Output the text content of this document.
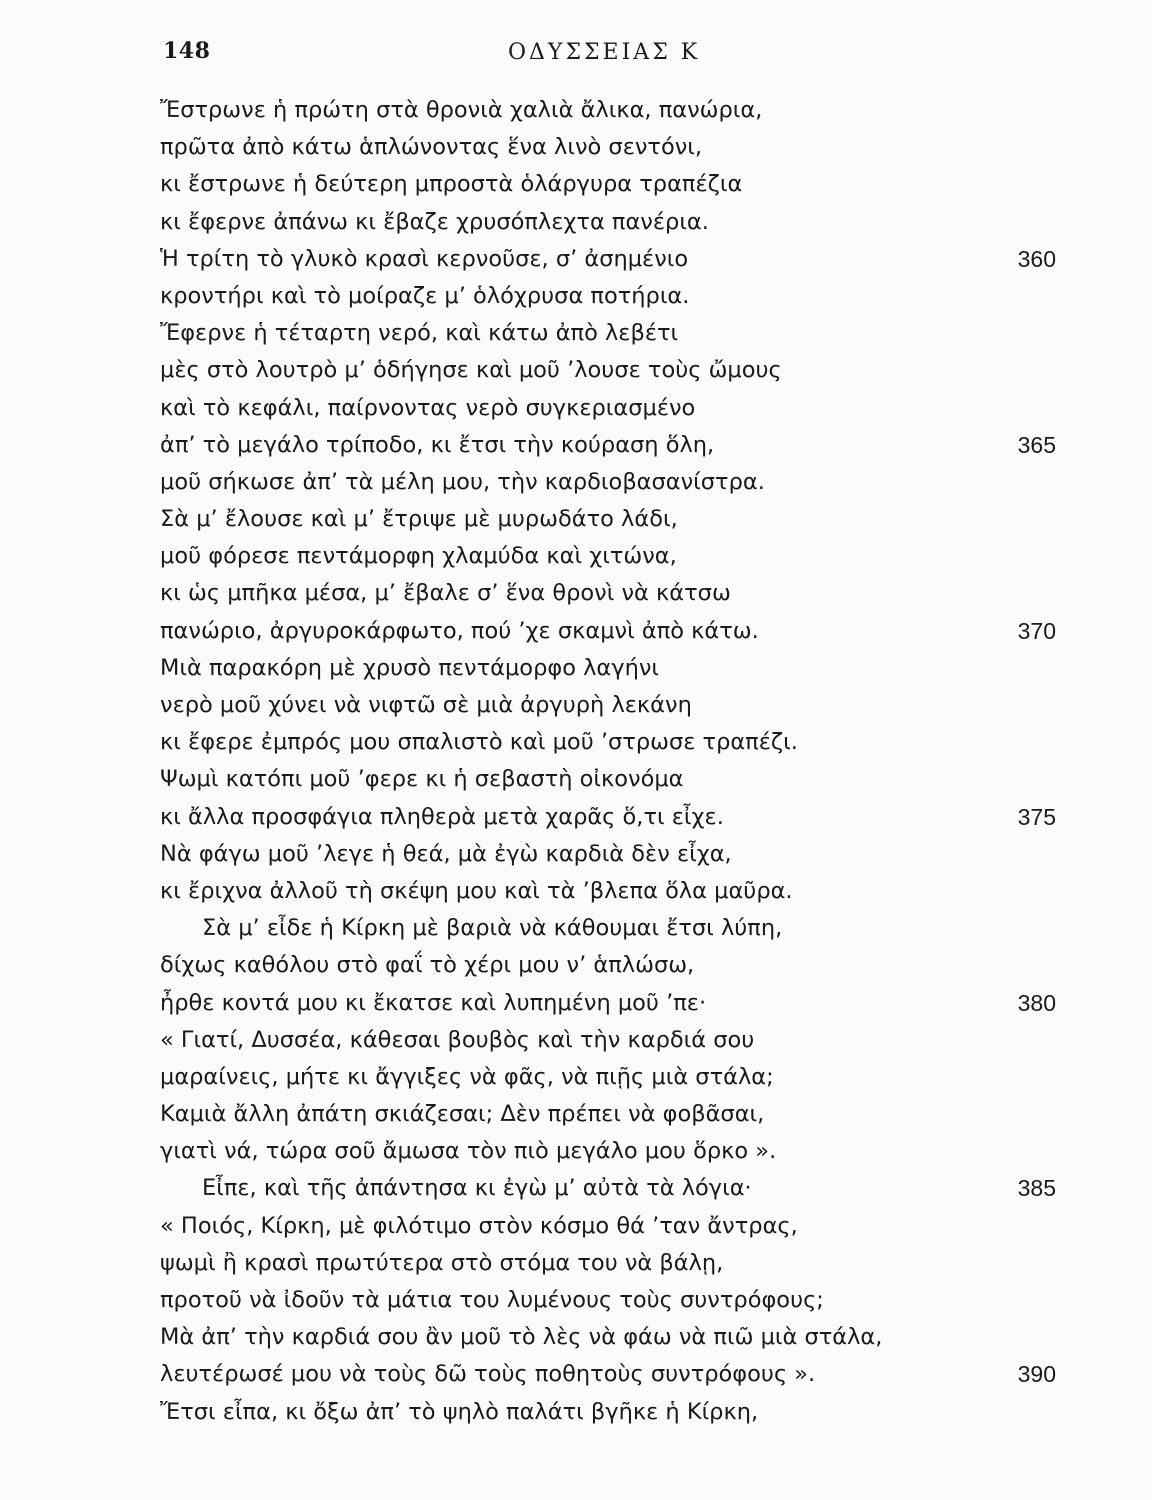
148	ΟΔΥΣΣΕΙΑΣ Κ
Ἔστρωνε ἡ πρώτη στὰ θρονιὰ χαλιὰ ἄλικα, πανώρια,
πρῶτα ἀπὸ κάτω ἁπλώνοντας ἕνα λινὸ σεντόνι,
κι ἔστρωνε ἡ δεύτερη μπροστὰ ὁλάργυρα τραπέζια
κι ἔφερνε ἀπάνω κι ἔβαζε χρυσόπλεχτα πανέρια.
Ἡ τρίτη τὸ γλυκὸ κρασὶ κερνοῦσε, σ’ ἀσημένιο	360
κροντήρι καὶ τὸ μοίραζε μ’ ὁλόχρυσα ποτήρια.
Ἔφερνε ἡ τέταρτη νερό, καὶ κάτω ἀπὸ λεβέτι
μὲς στὸ λουτρὸ μ’ ὁδήγησε καὶ μοῦ ’λουσε τοὺς ὤμους
καὶ τὸ κεφάλι, παίρνοντας νερὸ συγκεριασμένο
ἀπ’ τὸ μεγάλο τρίποδο, κι ἔτσι τὴν κούραση ὅλη,	365
μοῦ σήκωσε ἀπ’ τὰ μέλη μου, τὴν καρδιοβασανίστρα.
Σὰ μ’ ἔλουσε καὶ μ’ ἔτριψε μὲ μυρωδάτο λάδι,
μοῦ φόρεσε πεντάμορφη χλαμύδα καὶ χιτώνα,
κι ὡς μπῆκα μέσα, μ’ ἔβαλε σ’ ἕνα θρονὶ νὰ κάτσω
πανώριο, ἀργυροκάρφωτο, πού ’χε σκαμνὶ ἀπὸ κάτω.	370
Μιὰ παρακόρη μὲ χρυσὸ πεντάμορφο λαγήνι
νερὸ μοῦ χύνει νὰ νιφτῶ σὲ μιὰ ἀργυρὴ λεκάνη
κι ἔφερε ἐμπρός μου σπαλιστὸ καὶ μοῦ ’στρωσε τραπέζι.
Ψωμὶ κατόπι μοῦ ’φερε κι ἡ σεβαστὴ οἰκονόμα
κι ἄλλα προσφάγια πληθερὰ μετὰ χαρᾶς ὅ,τι εἶχε.	375
Νὰ φάγω μοῦ ’λεγε ἡ θεά, μὰ ἐγὼ καρδιὰ δὲν εἶχα,
κι ἔριχνα ἀλλοῦ τὴ σκέψη μου καὶ τὰ ’βλεπα ὅλα μαῦρα.
Σὰ μ’ εἶδε ἡ Κίρκη μὲ βαριὰ νὰ κάθουμαι ἔτσι λύπη,
δίχως καθόλου στὸ φαΐ τὸ χέρι μου ν’ ἁπλώσω,
ἦρθε κοντά μου κι ἔκατσε καὶ λυπημένη μοῦ ’πε·	380
« Γιατί, Δυσσέα, κάθεσαι βουβὸς καὶ τὴν καρδιά σου
μαραίνεις, μήτε κι ἄγγιξες νὰ φᾶς, νὰ πιῇς μιὰ στάλα;
Καμιὰ ἄλλη ἀπάτη σκιάζεσαι; Δὲν πρέπει νὰ φοβᾶσαι,
γιατὶ νά, τώρα σοῦ ἄμωσα τὸν πιὸ μεγάλο μου ὅρκο ».
Εἶπε, καὶ τῆς ἀπάντησα κι ἐγὼ μ’ αὐτὰ τὰ λόγια·	385
« Ποιός, Κίρκη, μὲ φιλότιμο στὸν κόσμο θά ’ταν ἄντρας,
ψωμὶ ἢ κρασὶ πρωτύτερα στὸ στόμα του νὰ βάλῃ,
προτοῦ νὰ ἰδοῦν τὰ μάτια του λυμένους τοὺς συντρόφους;
Μὰ ἀπ’ τὴν καρδιά σου ἂν μοῦ τὸ λὲς νὰ φάω νὰ πιῶ μιὰ στάλα,
λευτέρωσέ μου νὰ τοὺς δῶ τοὺς ποθητοὺς συντρόφους ».	390
Ἔτσι εἶπα, κι ὄξω ἀπ’ τὸ ψηλὸ παλάτι βγῆκε ἡ Κίρκη,
